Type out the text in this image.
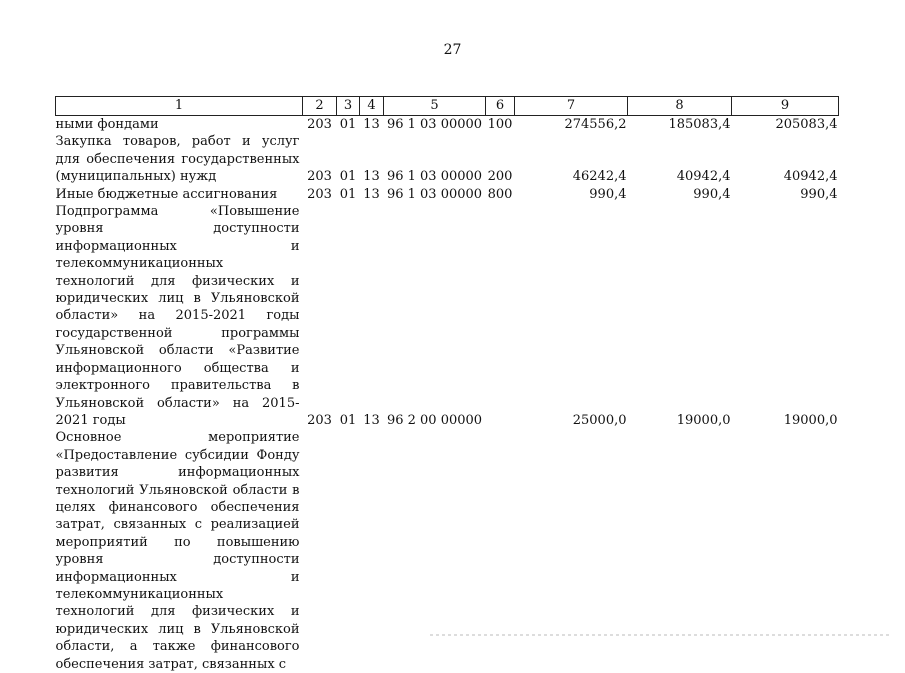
27
1	2	3	4	5	6	7	8	9
ными фондами	203	01	13	96 1 03 00000	100	274556,2	185083,4	205083,4
Закупка товаров, работ и услуг для обеспечения государственных (муниципальных) нужд	203	01	13	96 1 03 00000	200	46242,4	40942,4	40942,4
Иные бюджетные ассигнования	203	01	13	96 1 03 00000	800	990,4	990,4	990,4
Подпрограмма «Повышение уровня доступности информационных и телекоммуникационных технологий для физических и юридических лиц в Ульяновской области» на 2015-2021 годы государственной программы Ульяновской области «Развитие информационного общества и электронного правительства в Ульяновской области» на 2015-2021 годы	203	01	13	96 2 00 00000		25000,0	19000,0	19000,0
Основное мероприятие «Предоставление субсидии Фонду развития информационных технологий Ульяновской области в целях финансового обеспечения затрат, связанных с реализацией мероприятий по повышению уровня доступности информационных и телекоммуникационных технологий для физических и юридических лиц в Ульяновской области, а также финансового обеспечения затрат, связанных с								
